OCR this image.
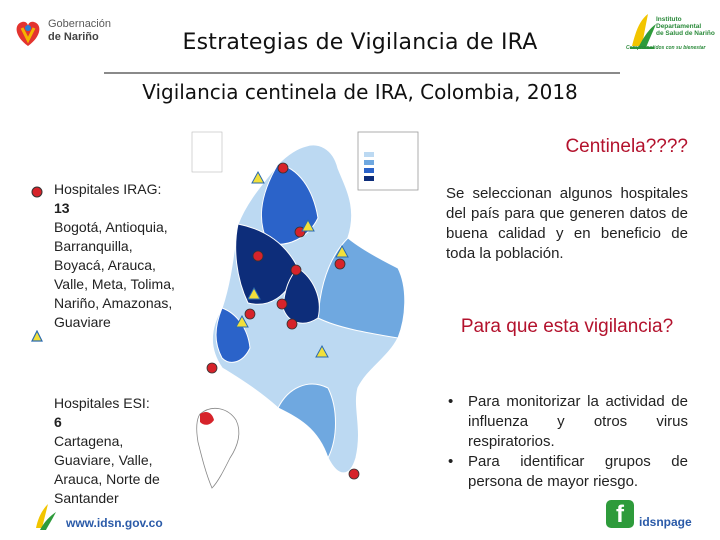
Gobernación
de Nariño	Estrategias de Vigilancia de IRA
Instituto
Departamental
de Salud de Nariño
Comprometidos con su bienestar
Vigilancia centinela de IRA, Colombia, 2018
Hospitales IRAG: 13
Bogotá, Antioquia, Barranquilla, Boyacá, Arauca, Valle, Meta, Tolima, Nariño, Amazonas, Guaviare
Hospitales ESI:
6
Cartagena, Guaviare, Valle, Arauca, Norte de Santander
Centinela????
Se seleccionan algunos hospitales del país para que generen datos de buena calidad y en beneficio de toda la población.
Para que esta vigilancia?
• Para monitorizar la actividad de influenza y otros virus respiratorios.
• Para identificar grupos de persona de mayor riesgo.
www.idsn.gov.co	f	idsnpage
